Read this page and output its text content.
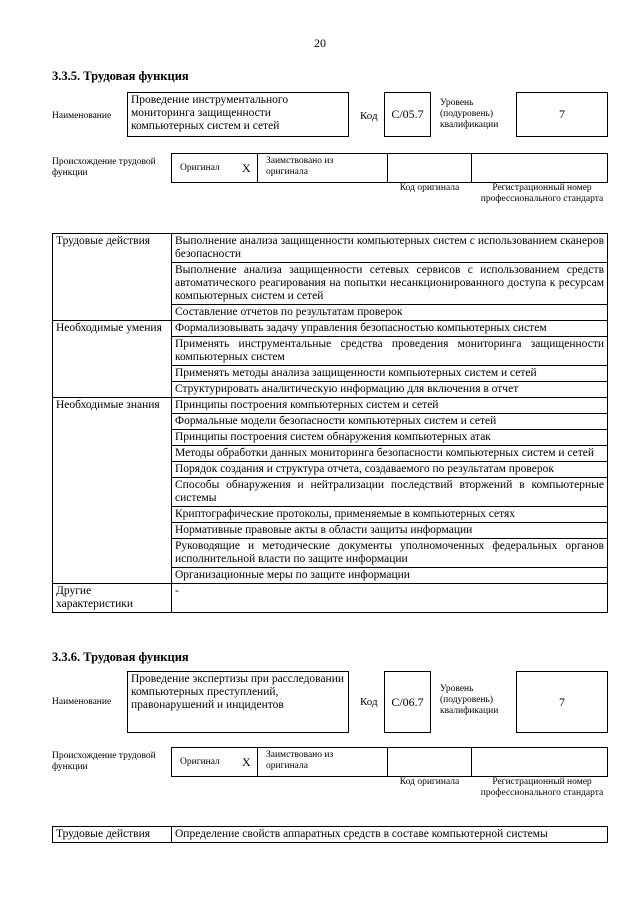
20
3.3.5. Трудовая функция
Наименование
Проведение инструментального мониторинга защищенности компьютерных систем и сетей
Код C/05.7
Уровень (подуровень) квалификации
7
Происхождение трудовой функции	Оригинал X Заимствовано из оригинала
Код оригинала	Регистрационный номер профессионального стандарта
Трудовые действия	Выполнение анализа защищенности компьютерных систем с использованием сканеров безопасности
	Выполнение анализа защищенности сетевых сервисов с использованием средств автоматического реагирования на попытки несанкционированного доступа к ресурсам компьютерных систем и сетей
	Составление отчетов по результатам проверок
Необходимые умения	Формализовывать задачу управления безопасностью компьютерных систем
	Применять инструментальные средства проведения мониторинга защищенности компьютерных систем
	Применять методы анализа защищенности компьютерных систем и сетей
	Структурировать аналитическую информацию для включения в отчет
Необходимые знания	Принципы построения компьютерных систем и сетей
	Формальные модели безопасности компьютерных систем и сетей
	Принципы построения систем обнаружения компьютерных атак
	Методы обработки данных мониторинга безопасности компьютерных систем и сетей
	Порядок создания и структура отчета, создаваемого по результатам проверок
	Способы обнаружения и нейтрализации последствий вторжений в компьютерные системы
	Криптографические протоколы, применяемые в компьютерных сетях
	Нормативные правовые акты в области защиты информации
	Руководящие и методические документы уполномоченных федеральных органов исполнительной власти по защите информации
	Организационные меры по защите информации
Другие характеристики	-
3.3.6. Трудовая функция
Наименование
Проведение экспертизы при расследовании компьютерных преступлений, правонарушений и инцидентов	Код C/06.7
Уровень (подуровень) квалификации
7
Происхождение трудовой функции	Оригинал X Заимствовано из оригинала
Код оригинала	Регистрационный номер профессионального стандарта
Трудовые действия	Определение свойств аппаратных средств в составе компьютерной системы
